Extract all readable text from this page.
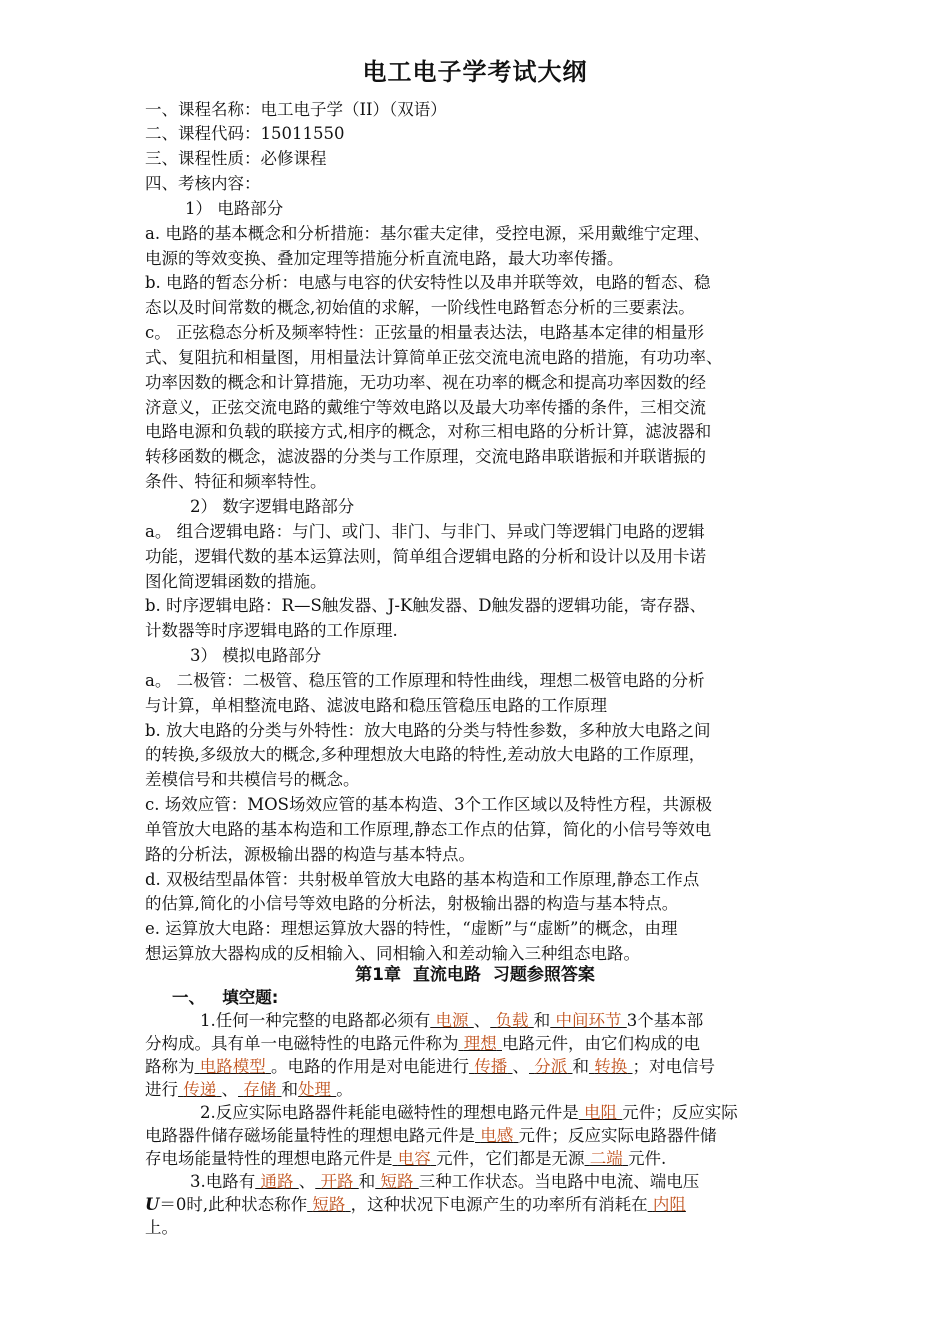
电工电子学考试大纲
一、课程名称：电工电子学（II）（双语）
二、课程代码：15011550
三、课程性质：必修课程
四、考核内容：
1） 电路部分
a. 电路的基本概念和分析措施：基尔霍夫定律，受控电源，采用戴维宁定理、
电源的等效变换、叠加定理等措施分析直流电路，最大功率传播。
b. 电路的暂态分析：电感与电容的伏安特性以及串并联等效，电路的暂态、稳
态以及时间常数的概念,初始值的求解，一阶线性电路暂态分析的三要素法。
c。 正弦稳态分析及频率特性：正弦量的相量表达法，电路基本定律的相量形
式、复阻抗和相量图，用相量法计算简单正弦交流电流电路的措施，有功功率、
功率因数的概念和计算措施，无功功率、视在功率的概念和提高功率因数的经
济意义，正弦交流电路的戴维宁等效电路以及最大功率传播的条件，三相交流
电路电源和负载的联接方式,相序的概念，对称三相电路的分析计算，滤波器和
转移函数的概念，滤波器的分类与工作原理，交流电路串联谐振和并联谐振的
条件、特征和频率特性。
2） 数字逻辑电路部分
a。 组合逻辑电路：与门、或门、非门、与非门、异或门等逻辑门电路的逻辑
功能，逻辑代数的基本运算法则，简单组合逻辑电路的分析和设计以及用卡诺
图化简逻辑函数的措施。
b. 时序逻辑电路：R—S触发器、J-K触发器、D触发器的逻辑功能，寄存器、
计数器等时序逻辑电路的工作原理.
3） 模拟电路部分
a。 二极管：二极管、稳压管的工作原理和特性曲线，理想二极管电路的分析
与计算，单相整流电路、滤波电路和稳压管稳压电路的工作原理
b. 放大电路的分类与外特性：放大电路的分类与特性参数，多种放大电路之间
的转换,多级放大的概念,多种理想放大电路的特性,差动放大电路的工作原理，
差模信号和共模信号的概念。
c. 场效应管：MOS场效应管的基本构造、3个工作区域以及特性方程，共源极
单管放大电路的基本构造和工作原理,静态工作点的估算，简化的小信号等效电
路的分析法，源极输出器的构造与基本特点。
d. 双极结型晶体管：共射极单管放大电路的基本构造和工作原理,静态工作点
的估算,简化的小信号等效电路的分析法，射极输出器的构造与基本特点。
e. 运算放大电路：理想运算放大器的特性，“虚断”与“虚断”的概念，由理
想运算放大器构成的反相输入、同相输入和差动输入三种组态电路。
第1章 直流电路 习题参照答案
一、   填空题:
1.任何一种完整的电路都必须有 电源 、 负载 和 中间环节 3个基本部
分构成。具有单一电磁特性的电路元件称为 理想 电路元件，由它们构成的电
路称为 电路模型 。电路的作用是对电能进行 传播 、 分派 和 转换 ；对电信号
进行 传递 、 存储 和处理 。
2.反应实际电路器件耗能电磁特性的理想电路元件是 电阻 元件；反应实际
电路器件储存磁场能量特性的理想电路元件是 电感 元件；反应实际电路器件储
存电场能量特性的理想电路元件是 电容 元件，它们都是无源 二端 元件.
3.电路有 通路 、 开路 和 短路 三种工作状态。当电路中电流、端电压
U＝0时,此种状态称作 短路 ，这种状况下电源产生的功率所有消耗在 内阻
上。
